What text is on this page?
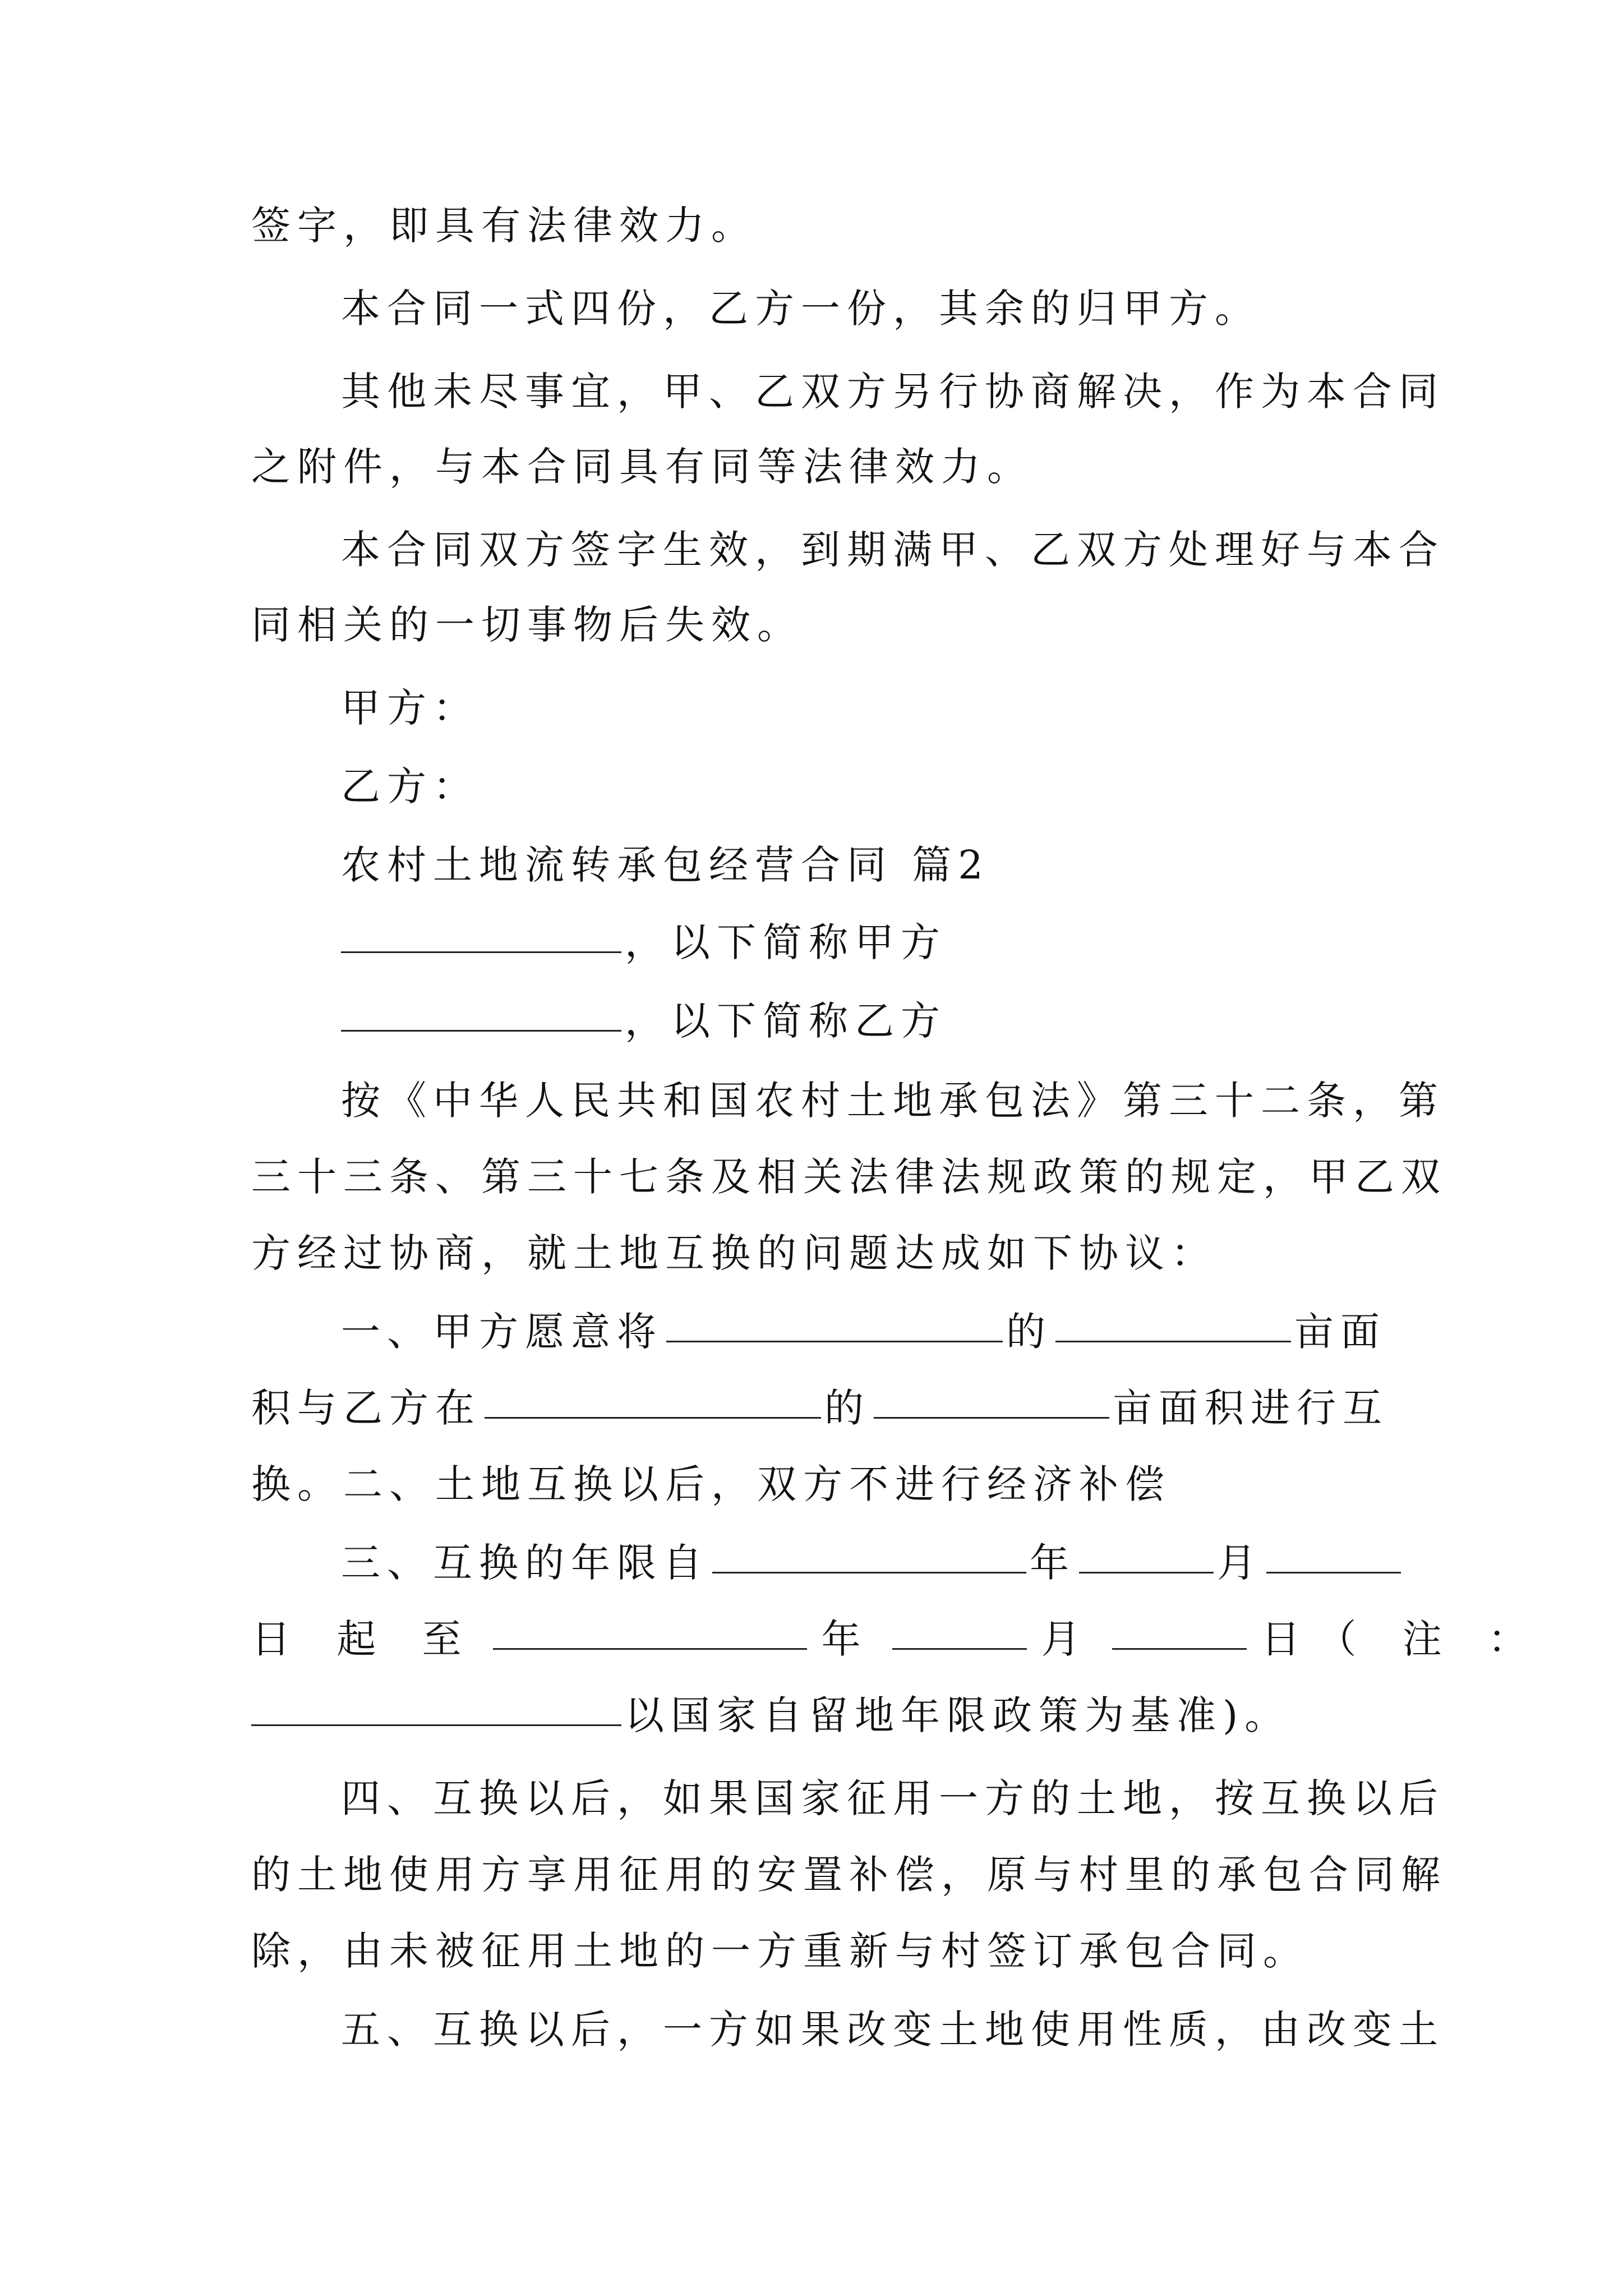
签字，即具有法律效力。
本合同一式四份，乙方一份，其余的归甲方。
其他未尽事宜，甲、乙双方另行协商解决，作为本合同
之附件，与本合同具有同等法律效力。
本合同双方签字生效，到期满甲、乙双方处理好与本合
同相关的一切事物后失效。
甲方：
乙方：
农村土地流转承包经营合同 篇2
，以下简称甲方
，以下简称乙方
按《中华人民共和国农村土地承包法》第三十二条，第
三十三条、第三十七条及相关法律法规政策的规定，甲乙双
方经过协商，就土地互换的问题达成如下协议：
一、甲方愿意将	的	亩面
积与乙方在	的	亩面积进行互
换。二、土地互换以后，双方不进行经济补偿
三、互换的年限自	年	月
日 起 至	年	月	日（ 注 ：
以国家自留地年限政策为基准)。
四、互换以后，如果国家征用一方的土地，按互换以后
的土地使用方享用征用的安置补偿，原与村里的承包合同解
除，由未被征用土地的一方重新与村签订承包合同。
五、互换以后，一方如果改变土地使用性质，由改变土
